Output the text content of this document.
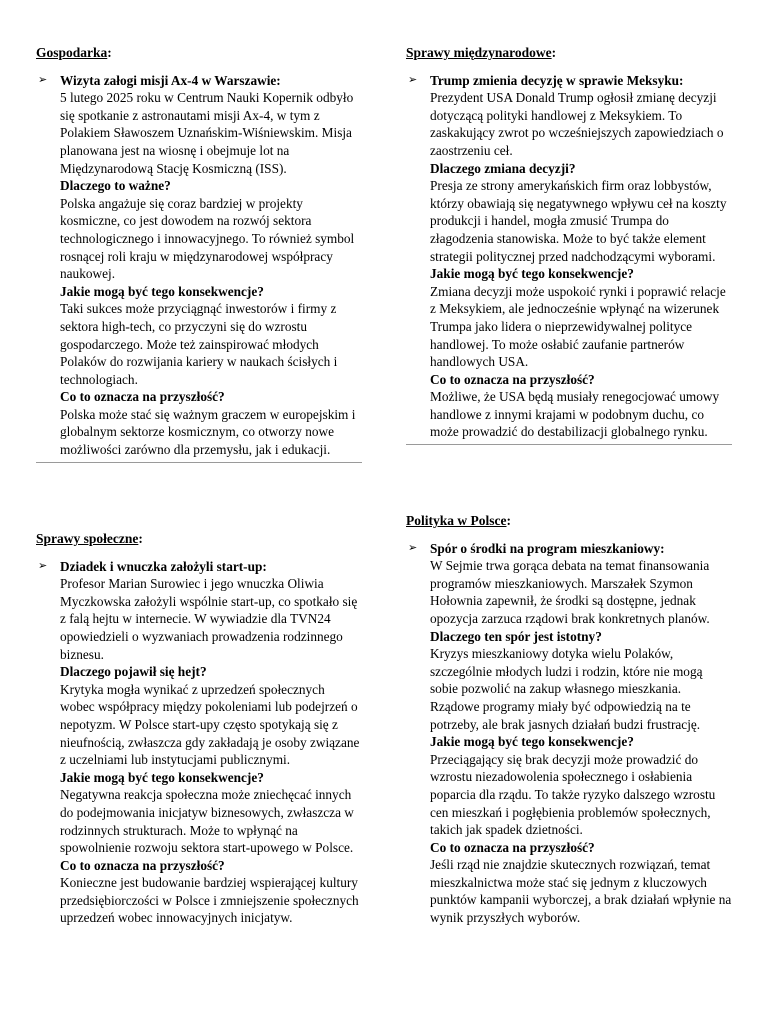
Gospodarka:
➢ Wizyta załogi misji Ax-4 w Warszawie:

5 lutego 2025 roku w Centrum Nauki Kopernik odbyło się spotkanie z astronautami misji Ax-4, w tym z Polakiem Sławoszem Uznańskim-Wiśniewskim. Misja planowana jest na wiosnę i obejmuje lot na Międzynarodową Stację Kosmiczną (ISS).

Dlaczego to ważne?

Polska angażuje się coraz bardziej w projekty kosmiczne, co jest dowodem na rozwój sektora technologicznego i innowacyjnego. To również symbol rosnącej roli kraju w międzynarodowej współpracy naukowej.

Jakie mogą być tego konsekwencje?

Taki sukces może przyciągnąć inwestorów i firmy z sektora high-tech, co przyczyni się do wzrostu gospodarczego. Może też zainspirować młodych Polaków do rozwijania kariery w naukach ścisłych i technologiach.

Co to oznacza na przyszłość?

Polska może stać się ważnym graczem w europejskim i globalnym sektorze kosmicznym, co otworzy nowe możliwości zarówno dla przemysłu, jak i edukacji.

Sprawy społeczne:
➢ Dziadek i wnuczka założyli start-up:

Profesor Marian Surowiec i jego wnuczka Oliwia Myczkowska założyli wspólnie start-up, co spotkało się z falą hejtu w internecie. W wywiadzie dla TVN24 opowiedzieli o wyzwaniach prowadzenia rodzinnego biznesu.

Dlaczego pojawił się hejt?

Krytyka mogła wynikać z uprzedzeń społecznych wobec współpracy między pokoleniami lub podejrzeń o nepotyzm. W Polsce start-upy często spotykają się z nieufnością, zwłaszcza gdy zakładają je osoby związane z uczelniami lub instytucjami publicznymi.

Jakie mogą być tego konsekwencje?

Negatywna reakcja społeczna może zniechęcać innych do podejmowania inicjatyw biznesowych, zwłaszcza w rodzinnych strukturach. Może to wpłynąć na spowolnienie rozwoju sektora start-upowego w Polsce.

Co to oznacza na przyszłość?

Konieczne jest budowanie bardziej wspierającej kultury przedsiębiorczości w Polsce i zmniejszenie społecznych uprzedzeń wobec innowacyjnych inicjatyw.

Sprawy międzynarodowe:
➢ Trump zmienia decyzję w sprawie Meksyku:

Prezydent USA Donald Trump ogłosił zmianę decyzji dotyczącą polityki handlowej z Meksykiem. To zaskakujący zwrot po wcześniejszych zapowiedziach o zaostrzeniu ceł.

Dlaczego zmiana decyzji?

Presja ze strony amerykańskich firm oraz lobbystów, którzy obawiają się negatywnego wpływu ceł na koszty produkcji i handel, mogła zmusić Trumpa do złagodzenia stanowiska. Może to być także element strategii politycznej przed nadchodzącymi wyborami.

Jakie mogą być tego konsekwencje?

Zmiana decyzji może uspokoić rynki i poprawić relacje z Meksykiem, ale jednocześnie wpłynąć na wizerunek Trumpa jako lidera o nieprzewidywalnej polityce handlowej. To może osłabić zaufanie partnerów handlowych USA.

Co to oznacza na przyszłość?

Możliwe, że USA będą musiały renegocjować umowy handlowe z innymi krajami w podobnym duchu, co może prowadzić do destabilizacji globalnego rynku.

Polityka w Polsce:
➢ Spór o środki na program mieszkaniowy:

W Sejmie trwa gorąca debata na temat finansowania programów mieszkaniowych. Marszałek Szymon Hołownia zapewnił, że środki są dostępne, jednak opozycja zarzuca rządowi brak konkretnych planów.

Dlaczego ten spór jest istotny?

Kryzys mieszkaniowy dotyka wielu Polaków, szczególnie młodych ludzi i rodzin, które nie mogą sobie pozwolić na zakup własnego mieszkania. Rządowe programy miały być odpowiedzią na te potrzeby, ale brak jasnych działań budzi frustrację.

Jakie mogą być tego konsekwencje?

Przeciągający się brak decyzji może prowadzić do wzrostu niezadowolenia społecznego i osłabienia poparcia dla rządu. To także ryzyko dalszego wzrostu cen mieszkań i pogłębienia problemów społecznych, takich jak spadek dzietności.

Co to oznacza na przyszłość?

Jeśli rząd nie znajdzie skutecznych rozwiązań, temat mieszkalnictwa może stać się jednym z kluczowych punktów kampanii wyborczej, a brak działań wpłynie na wynik przyszłych wyborów.
